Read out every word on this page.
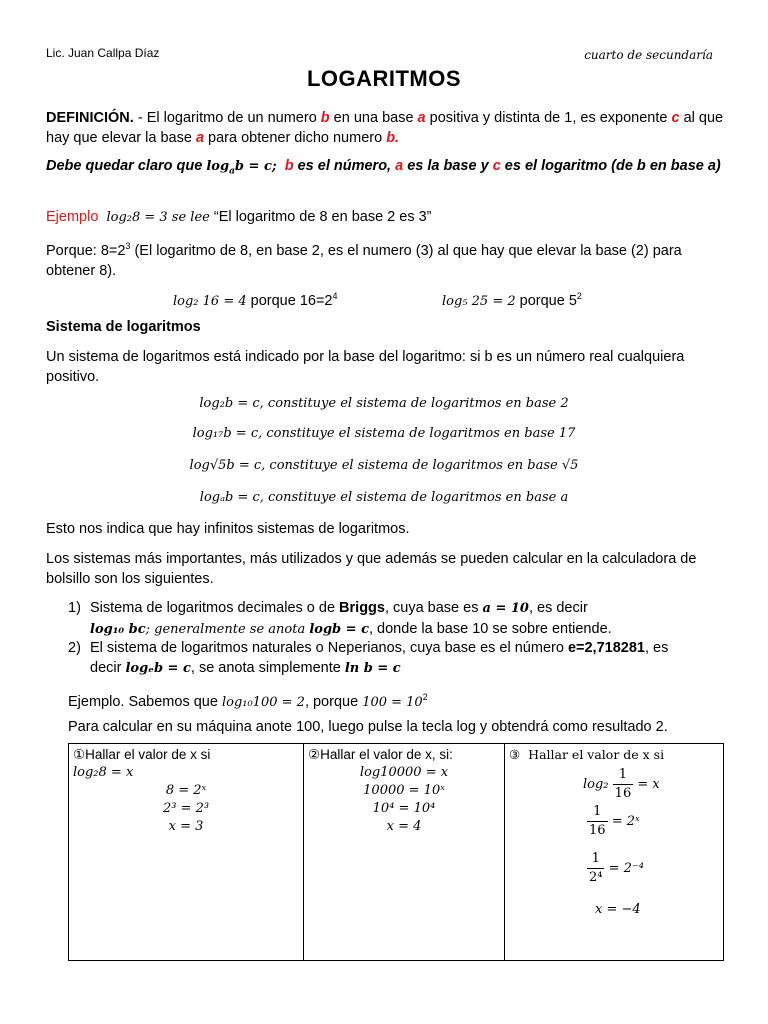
Lic. Juan Callpa Díaz	cuarto de secundaría
LOGARITMOS
DEFINICIÓN. - El logaritmo de un numero b en una base a positiva y distinta de 1, es exponente c al que hay que elevar la base a para obtener dicho numero b.
Debe quedar claro que $\log_ab = c$; b es el número, a es la base y c es el logaritmo (de b en base a)
Ejemplo log₂8 = 3 se lee “El logaritmo de 8 en base 2 es 3”
Porque: $8=2^3$ (El logaritmo de 8, en base 2, es el numero (3) al que hay que elevar la base (2) para obtener 8).
log₂ 16 = 4 porque $16=2^4$	log₅ 25 = 2 porque $5^2$
Sistema de logaritmos
Un sistema de logaritmos está indicado por la base del logaritmo: si b es un número real cualquiera positivo.
log₂b = c, constituye el sistema de logaritmos en base 2
log₁₇b = c, constituye el sistema de logaritmos en base 17
log√5b = c, constituye el sistema de logaritmos en base √5
logₐb = c, constituye el sistema de logaritmos en base a
Esto nos indica que hay infinitos sistemas de logaritmos.
Los sistemas más importantes, más utilizados y que además se pueden calcular en la calculadora de bolsillo son los siguientes.
1) Sistema de logaritmos decimales o de Briggs, cuya base es a = 10, es decir
log₁₀ bc; generalmente se anota logb = c, donde la base 10 se sobre entiende.
2) El sistema de logaritmos naturales o Neperianos, cuya base es el número e=2,718281, es
decir logₑb = c, se anota simplemente ln b = c
Ejemplo. Sabemos que log₁₀100 = 2, porque $100 = 10^2$
Para calcular en su máquina anote 100, luego pulse la tecla log y obtendrá como resultado 2.
①Hallar el valor de x si
log₂8 = x
8 = 2ˣ
2³ = 2³
x = 3

②Hallar el valor de x, si:
log10000 = x
10000 = 10ˣ
10⁴ = 10⁴
x = 4

③ Hallar el valor de x si
$\log_2 \frac{1}{16} = x$
$\frac{1}{16}$ = 2ˣ
$\frac{1}{\text{2⁴}} = 2^{-4}$
x = −4
